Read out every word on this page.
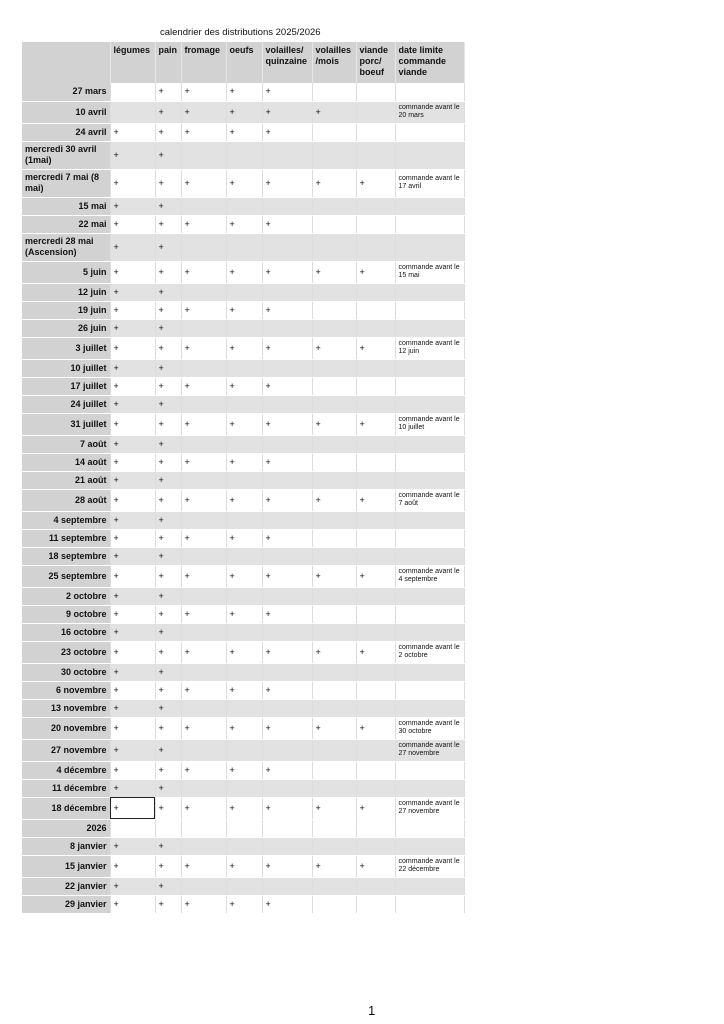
calendrier des distributions 2025/2026
	légumes	pain	fromage	oeufs	volailles/ quinzaine	volailles /mois	viande porc/ boeuf	date limite commande viande
27 mars		+	+	+	+			
10 avril		+	+	+	+	+		commande avant le 20 mars
24 avril	+	+	+	+	+			
mercredi 30 avril (1mai)	+	+						
mercredi 7 mai (8 mai)	+	+	+	+	+	+	+	commande avant le 17 avril
15 mai	+	+						
22 mai	+	+	+	+	+			
mercredi 28 mai (Ascension)	+	+						
5 juin	+	+	+	+	+	+	+	commande avant le 15 mai
12 juin	+	+						
19 juin	+	+	+	+	+			
26 juin	+	+						
3 juillet	+	+	+	+	+	+	+	commande avant le 12 juin
10 juillet	+	+						
17 juillet	+	+	+	+	+			
24 juillet	+	+						
31 juillet	+	+	+	+	+	+	+	commande avant le 10 juillet
7 août	+	+						
14 août	+	+	+	+	+			
21 août	+	+						
28 août	+	+	+	+	+	+	+	commande avant le 7 août
4 septembre	+	+						
11 septembre	+	+	+	+	+			
18 septembre	+	+						
25 septembre	+	+	+	+	+	+	+	commande avant le 4 septembre
2 octobre	+	+						
9 octobre	+	+	+	+	+			
16 octobre	+	+						
23 octobre	+	+	+	+	+	+	+	commande avant le 2 octobre
30 octobre	+	+						
6 novembre	+	+	+	+	+			
13 novembre	+	+						
20 novembre	+	+	+	+	+	+	+	commande avant le 30 octobre
27 novembre	+	+						commande avant le 27 novembre
4 décembre	+	+	+	+	+			
11 décembre	+	+						
18 décembre	+	+	+	+	+	+	+	commande avant le 27 novembre
2026								
8 janvier	+	+						
15 janvier	+	+	+	+	+	+	+	commande avant le 22 décembre
22 janvier	+	+						
29 janvier	+	+	+	+	+			
1
